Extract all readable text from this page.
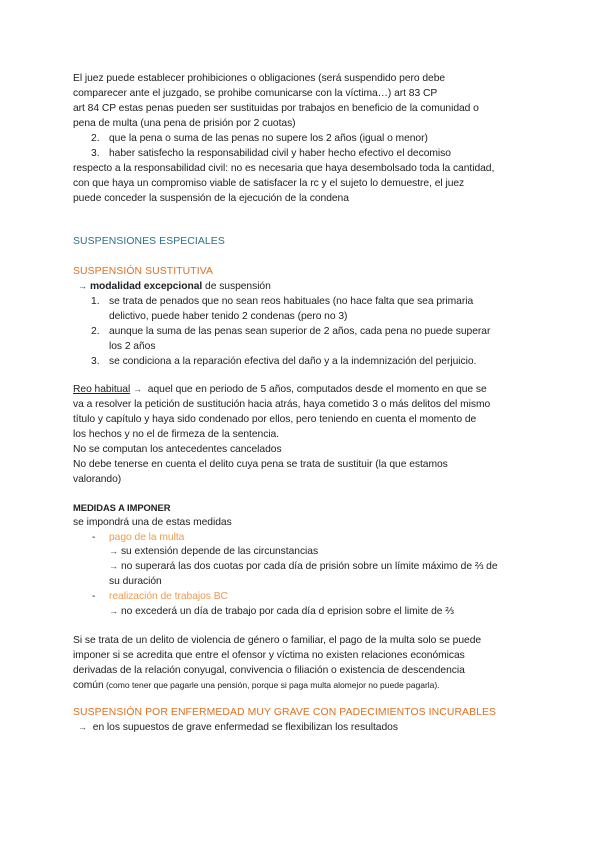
El juez puede establecer prohibiciones o obligaciones (será suspendido pero debe
comparecer ante el juzgado, se prohibe comunicarse con la víctima…) art 83 CP
art 84 CP estas penas pueden ser sustituidas por trabajos en beneficio de la comunidad o
pena de multa (una pena de prisión por 2 cuotas)
2. que la pena o suma de las penas no supere los 2 años (igual o menor)
3. haber satisfecho la responsabilidad civil y haber hecho efectivo el decomiso
respecto a la responsabilidad civil: no es necesaria que haya desembolsado toda la cantidad,
con que haya un compromiso viable de satisfacer la rc y el sujeto lo demuestre, el juez
puede conceder la suspensión de la ejecución de la condena
SUSPENSIONES ESPECIALES
SUSPENSIÓN SUSTITUTIVA
→ modalidad excepcional de suspensión
1. se trata de penados que no sean reos habituales (no hace falta que sea primaria
delictivo, puede haber tenido 2 condenas (pero no 3)
2. aunque la suma de las penas sean superior de 2 años, cada pena no puede superar
los 2 años
3. se condiciona a la reparación efectiva del daño y a la indemnización del perjuicio.
Reo habitual → aquel que en periodo de 5 años, computados desde el momento en que se
va a resolver la petición de sustitución hacia atrás, haya cometido 3 o más delitos del mismo
título y capítulo y haya sido condenado por ellos, pero teniendo en cuenta el momento de
los hechos y no el de firmeza de la sentencia.
No se computan los antecedentes cancelados
No debe tenerse en cuenta el delito cuya pena se trata de sustituir (la que estamos
valorando)
MEDIDAS A IMPONER
se impondrá una de estas medidas
- pago de la multa
→ su extensión depende de las circunstancias
→ no superará las dos cuotas por cada día de prisión sobre un límite máximo de ⅔ de
su duración
- realización de trabajos BC
→ no excederá un día de trabajo por cada día d eprision sobre el limite de ⅔
Si se trata de un delito de violencia de género o familiar, el pago de la multa solo se puede
imponer si se acredita que entre el ofensor y víctima no existen relaciones económicas
derivadas de la relación conyugal, convivencia o filiación o existencia de descendencia
común (como tener que pagarle una pensión, porque si paga multa alomejor no puede pagarla).
SUSPENSIÓN POR ENFERMEDAD MUY GRAVE CON PADECIMIENTOS INCURABLES
→ en los supuestos de grave enfermedad se flexibilizan los resultados
